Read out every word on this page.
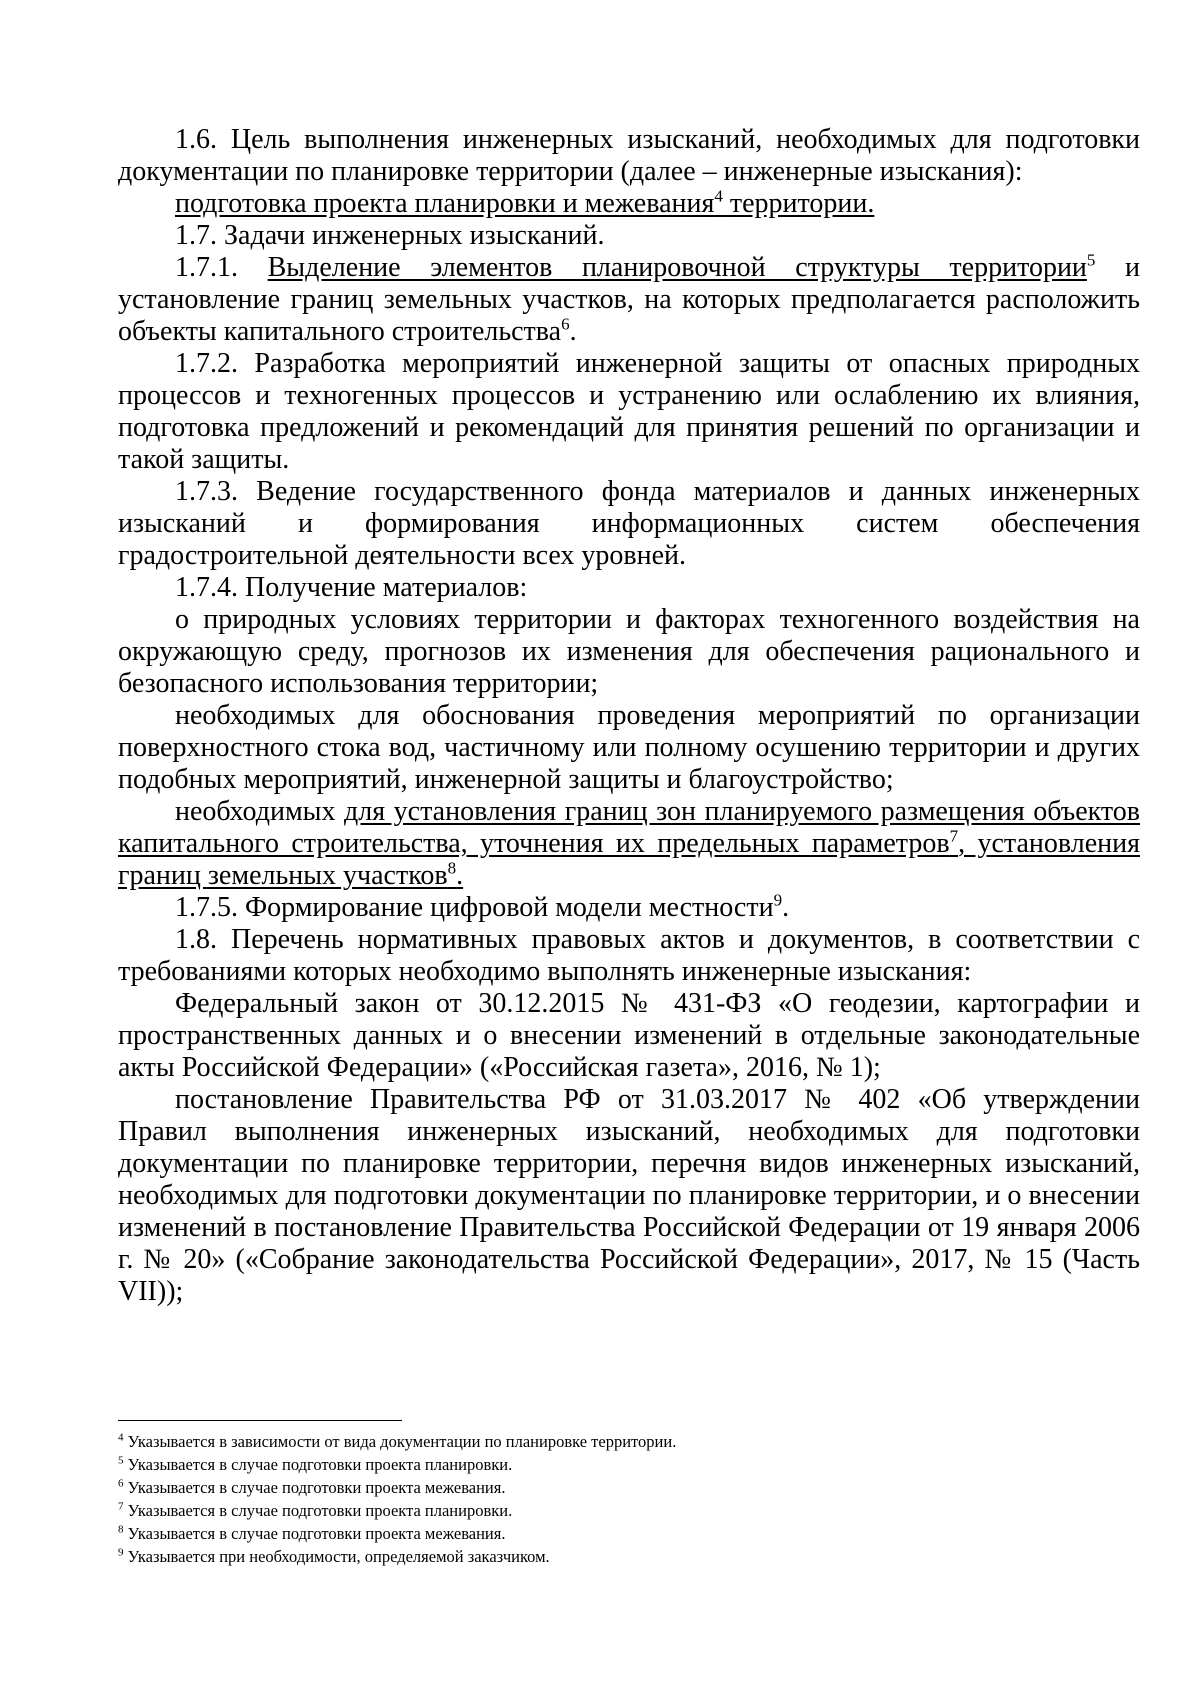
1.6. Цель выполнения инженерных изысканий, необходимых для подготовки документации по планировке территории (далее – инженерные изыскания):

подготовка проекта планировки и межевания$^4$ территории.

1.7. Задачи инженерных изысканий.

1.7.1. Выделение элементов планировочной структуры территории$^5$ и установление границ земельных участков, на которых предполагается расположить объекты капитального строительства$^6$.

1.7.2. Разработка мероприятий инженерной защиты от опасных природных процессов и техногенных процессов и устранению или ослаблению их влияния, подготовка предложений и рекомендаций для принятия решений по организации и такой защиты.

1.7.3. Ведение государственного фонда материалов и данных инженерных изысканий и формирования информационных систем обеспечения градостроительной деятельности всех уровней.

1.7.4. Получение материалов:

о природных условиях территории и факторах техногенного воздействия на окружающую среду, прогнозов их изменения для обеспечения рационального и безопасного использования территории;

необходимых для обоснования проведения мероприятий по организации поверхностного стока вод, частичному или полному осушению территории и других подобных мероприятий, инженерной защиты и благоустройство;

необходимых для установления границ зон планируемого размещения объектов капитального строительства, уточнения их предельных параметров$^7$, установления границ земельных участков$^8$.

1.7.5. Формирование цифровой модели местности$^9$.

1.8. Перечень нормативных правовых актов и документов, в соответствии с требованиями которых необходимо выполнять инженерные изыскания:

Федеральный закон от 30.12.2015 № 431-ФЗ «О геодезии, картографии и пространственных данных и о внесении изменений в отдельные законодательные акты Российской Федерации» («Российская газета», 2016, № 1);

постановление Правительства РФ от 31.03.2017 № 402 «Об утверждении Правил выполнения инженерных изысканий, необходимых для подготовки документации по планировке территории, перечня видов инженерных изысканий, необходимых для подготовки документации по планировке территории, и о внесении изменений в постановление Правительства Российской Федерации от 19 января 2006 г. № 20» («Собрание законодательства Российской Федерации», 2017, № 15 (Часть VII));

$^4$ Указывается в зависимости от вида документации по планировке территории.

$^5$ Указывается в случае подготовки проекта планировки.

$^6$ Указывается в случае подготовки проекта межевания.

$^7$ Указывается в случае подготовки проекта планировки.

$^8$ Указывается в случае подготовки проекта межевания.

$^9$ Указывается при необходимости, определяемой заказчиком.
